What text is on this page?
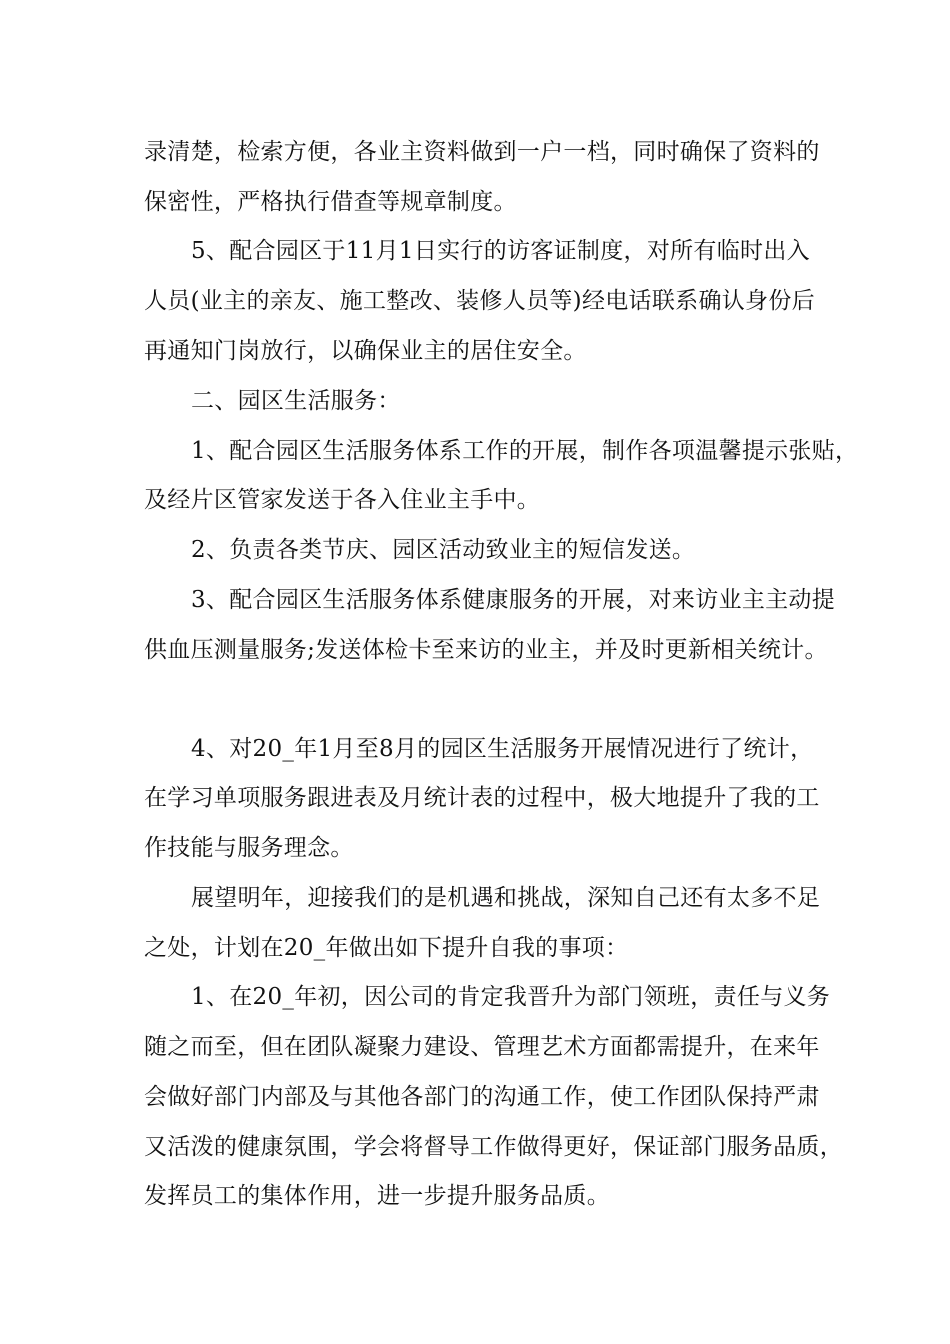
录清楚，检索方便，各业主资料做到一户一档，同时确保了资料的
保密性，严格执行借查等规章制度。
5、配合园区于11月1日实行的访客证制度，对所有临时出入
人员(业主的亲友、施工整改、装修人员等)经电话联系确认身份后
再通知门岗放行，以确保业主的居住安全。
二、园区生活服务：
1、配合园区生活服务体系工作的开展，制作各项温馨提示张贴，
及经片区管家发送于各入住业主手中。
2、负责各类节庆、园区活动致业主的短信发送。
3、配合园区生活服务体系健康服务的开展，对来访业主主动提
供血压测量服务;发送体检卡至来访的业主，并及时更新相关统计。
4、对20_年1月至8月的园区生活服务开展情况进行了统计，
在学习单项服务跟进表及月统计表的过程中，极大地提升了我的工
作技能与服务理念。
展望明年，迎接我们的是机遇和挑战，深知自己还有太多不足
之处，计划在20_年做出如下提升自我的事项：
1、在20_年初，因公司的肯定我晋升为部门领班，责任与义务
随之而至，但在团队凝聚力建设、管理艺术方面都需提升，在来年
会做好部门内部及与其他各部门的沟通工作，使工作团队保持严肃
又活泼的健康氛围，学会将督导工作做得更好，保证部门服务品质，
发挥员工的集体作用，进一步提升服务品质。
